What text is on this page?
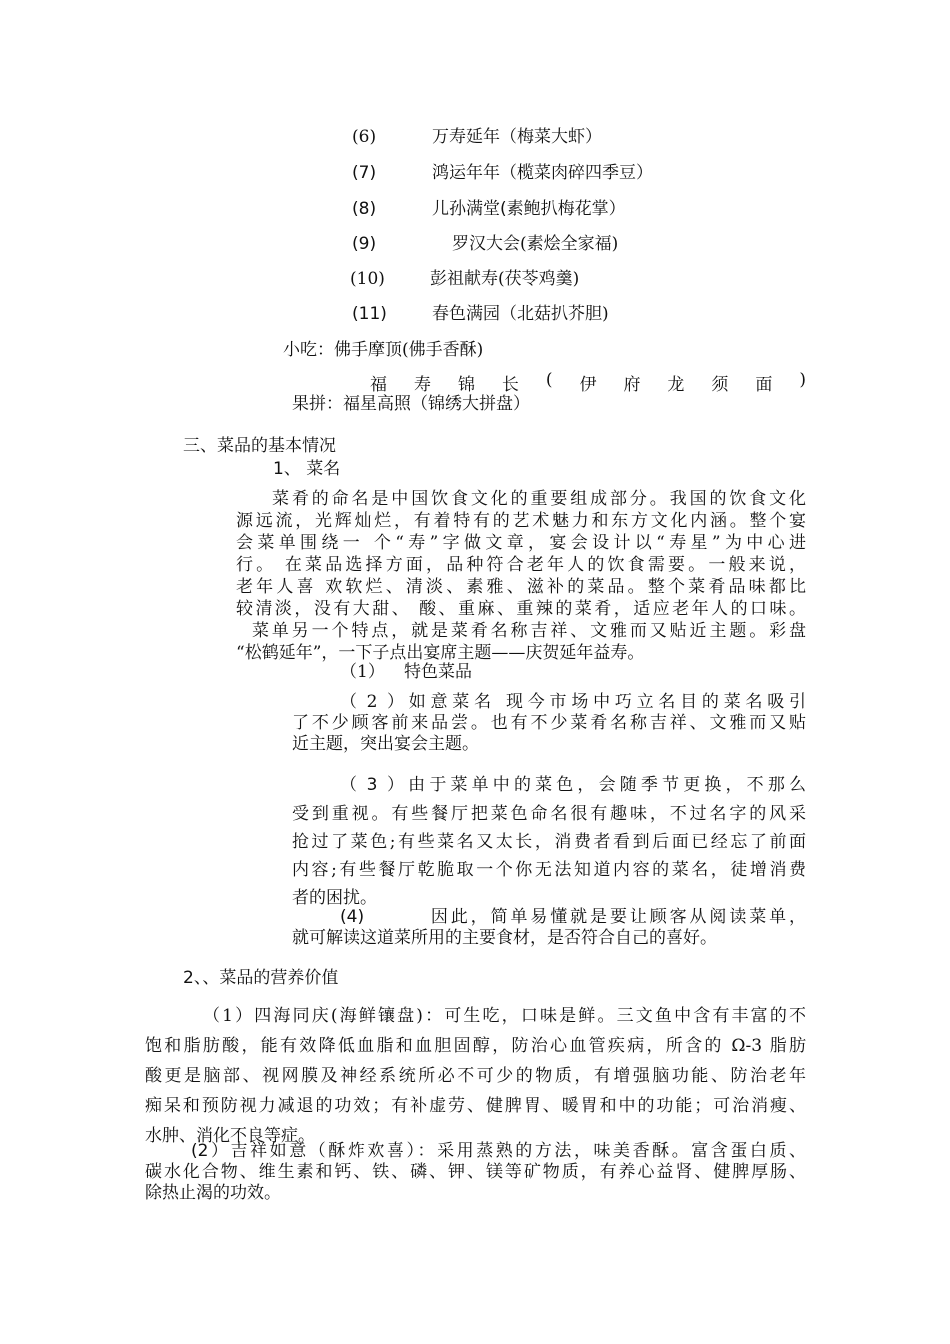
(6)	万寿延年（梅菜大虾）
(7)	鸿运年年（榄菜肉碎四季豆）
(8)	儿孙满堂(素鲍扒梅花掌）
(9)	罗汉大会(素烩全家福)
(10)	彭祖献寿(茯苓鸡羹)
(11)	春色满园（北菇扒芥胆)
小吃：佛手摩顶(佛手香酥)
福 寿 锦 长 ( 伊 府 龙 须 面 )
果拼：福星高照（锦绣大拼盘）
三、菜品的基本情况
1、 菜名
菜肴的命名是中国饮食文化的重要组成部分。我国的饮食文化
源远流，光辉灿烂，有着特有的艺术魅力和东方文化内涵。整个宴
会菜单围绕一 个“寿”字做文章，宴会设计以“寿星”为中心进
行。 在菜品选择方面，品种符合老年人的饮食需要。一般来说，
老年人喜 欢软烂、清淡、素雅、滋补的菜品。整个菜肴品味都比
较清淡，没有大甜、 酸、重麻、重辣的菜肴，适应老年人的口味。
菜单另一个特点，就是菜肴名称吉祥、文雅而又贴近主题。彩盘
“松鹤延年”，一下子点出宴席主题——庆贺延年益寿。
（1） 特色菜品
（2）如意菜名 现今市场中巧立名目的菜名吸引
了不少顾客前来品尝。也有不少菜肴名称吉祥、文雅而又贴
近主题，突出宴会主题。
（3）由于菜单中的菜色，会随季节更换，不那么
受到重视。有些餐厅把菜色命名很有趣味，不过名字的风采
抢过了菜色;有些菜名又太长，消费者看到后面已经忘了前面
内容;有些餐厅乾脆取一个你无法知道内容的菜名，徒增消费
者的困扰。
(4)	因此，简单易懂就是要让顾客从阅读菜单，
就可解读这道菜所用的主要食材，是否符合自己的喜好。
2、、菜品的营养价值
（1）四海同庆(海鲜镶盘)：可生吃，口味是鲜。三文鱼中含有丰富的不
饱和脂肪酸，能有效降低血脂和血胆固醇，防治心血管疾病，所含的 Ω-3 脂肪
酸更是脑部、视网膜及神经系统所必不可少的物质，有增强脑功能、防治老年
痴呆和预防视力减退的功效；有补虚劳、健脾胃、暖胃和中的功能；可治消瘦、
水肿、消化不良等症。
(2）吉祥如意（酥炸欢喜）：采用蒸熟的方法，味美香酥。富含蛋白质、
碳水化合物、维生素和钙、铁、磷、钾、镁等矿物质，有养心益肾、健脾厚肠、
除热止渴的功效。
